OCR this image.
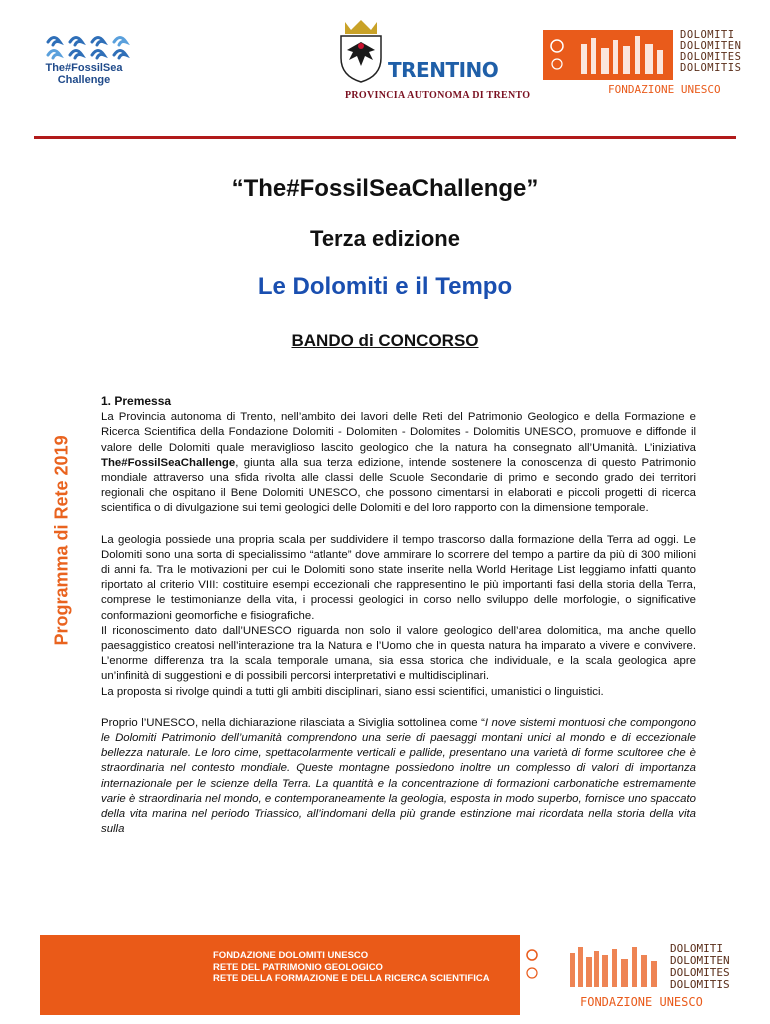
The#FossilSea
Challenge	TRENTINO
PROVINCIA AUTONOMA DI TRENTO
DOLOMITI
DOLOMITEN
DOLOMITES
DOLOMITIS
FONDAZIONE UNESCO
“The#FossilSeaChallenge”
Terza edizione
Le Dolomiti e il Tempo
BANDO di CONCORSO
Programma di Rete 2019
1. Premessa

La Provincia autonoma di Trento, nell’ambito dei lavori delle Reti del Patrimonio Geologico e della Formazione e Ricerca Scientifica della Fondazione Dolomiti - Dolomiten - Dolomites - Dolomitis UNESCO, promuove e diffonde il valore delle Dolomiti quale meraviglioso lascito geologico che la natura ha consegnato all’Umanità. L’iniziativa The#FossilSeaChallenge, giunta alla sua terza edizione, intende sostenere la conoscenza di questo Patrimonio mondiale attraverso una sfida rivolta alle classi delle Scuole Secondarie di primo e secondo grado dei territori regionali che ospitano il Bene Dolomiti UNESCO, che possono cimentarsi in elaborati e piccoli progetti di ricerca scientifica o di divulgazione sui temi geologici delle Dolomiti e del loro rapporto con la dimensione temporale.

La geologia possiede una propria scala per suddividere il tempo trascorso dalla formazione della Terra ad oggi. Le Dolomiti sono una sorta di specialissimo “atlante” dove ammirare lo scorrere del tempo a partire da più di 300 milioni di anni fa. Tra le motivazioni per cui le Dolomiti sono state inserite nella World Heritage List leggiamo infatti quanto riportato al criterio VIII: costituire esempi eccezionali che rappresentino le più importanti fasi della storia della Terra, comprese le testimonianze della vita, i processi geologici in corso nello sviluppo delle morfologie, o significative conformazioni geomorfiche e fisiografiche.

Il riconoscimento dato dall’UNESCO riguarda non solo il valore geologico dell’area dolomitica, ma anche quello paesaggistico creatosi nell’interazione tra la Natura e l’Uomo che in questa natura ha imparato a vivere e convivere. L’enorme differenza tra la scala temporale umana, sia essa storica che individuale, e la scala geologica apre un’infinità di suggestioni e di possibili percorsi interpretativi e multidisciplinari.

La proposta si rivolge quindi a tutti gli ambiti disciplinari, siano essi scientifici, umanistici o linguistici.

Proprio l’UNESCO, nella dichiarazione rilasciata a Siviglia sottolinea come “I nove sistemi montuosi che compongono le Dolomiti Patrimonio dell’umanità comprendono una serie di paesaggi montani unici al mondo e di eccezionale bellezza naturale. Le loro cime, spettacolarmente verticali e pallide, presentano una varietà di forme scultoree che è straordinaria nel contesto mondiale. Queste montagne possiedono inoltre un complesso di valori di importanza internazionale per le scienze della Terra. La quantità e la concentrazione di formazioni carbonatiche estremamente varie è straordinaria nel mondo, e contemporaneamente la geologia, esposta in modo superbo, fornisce uno spaccato della vita marina nel periodo Triassico, all’indomani della più grande estinzione mai ricordata nella storia della vita sulla

FONDAZIONE DOLOMITI UNESCO
RETE DEL PATRIMONIO GEOLOGICO
RETE DELLA FORMAZIONE E DELLA RICERCA SCIENTIFICA
DOLOMITI
DOLOMITEN
DOLOMITES
DOLOMITIS
FONDAZIONE UNESCO
